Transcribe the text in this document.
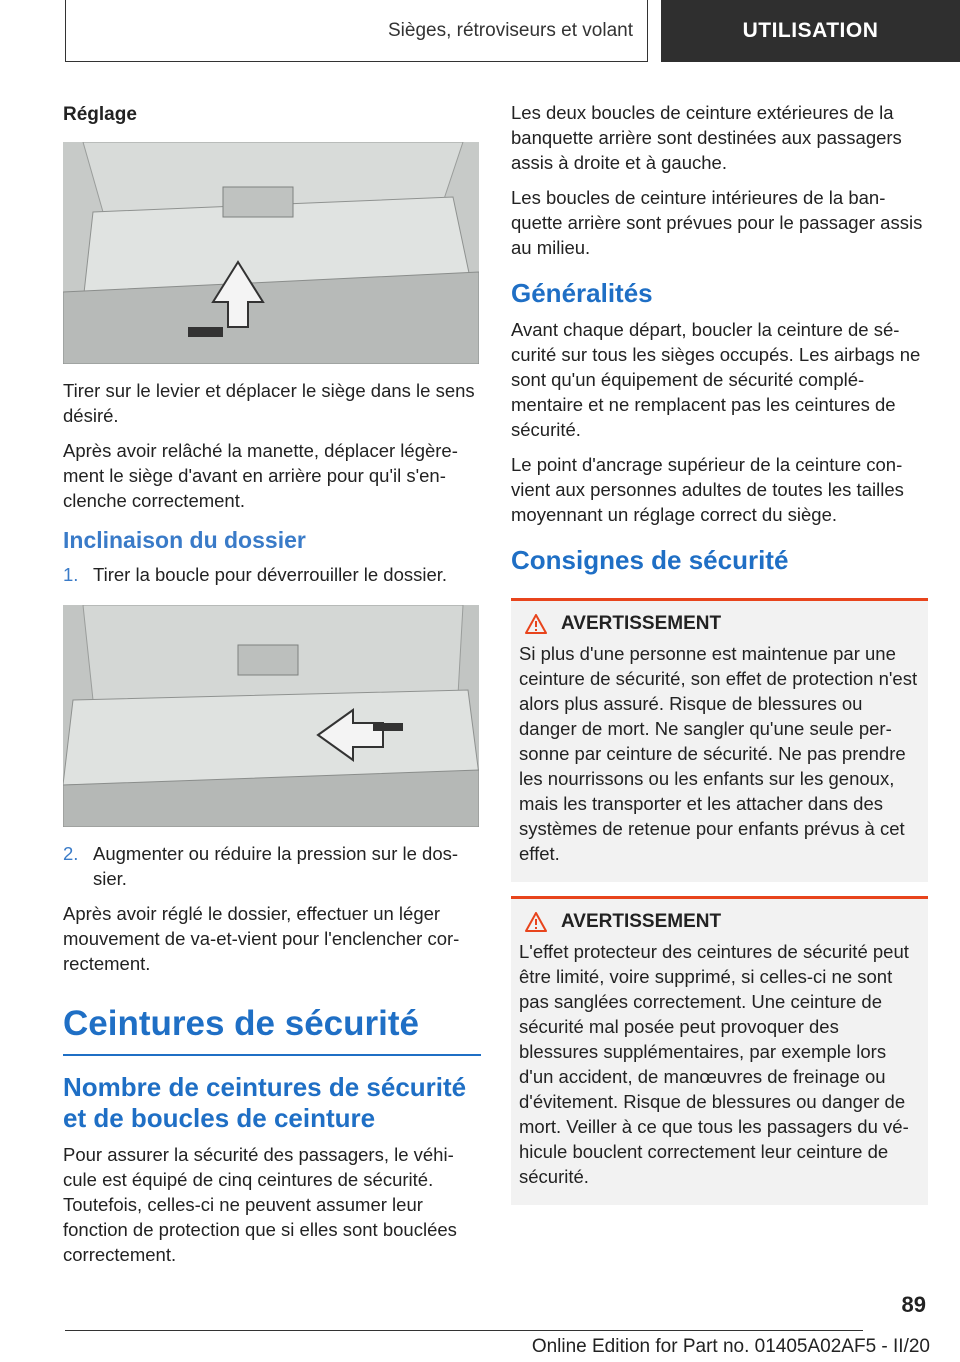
Sièges, rétroviseurs et volant	UTILISATION
Réglage

Tirer sur le levier et déplacer le siège dans le sens désiré.

Après avoir relâché la manette, déplacer légèrement le siège d'avant en arrière pour qu'il s'enclenche correctement.

Inclinaison du dossier
1. Tirer la boucle pour déverrouiller le dossier.
2. Augmenter ou réduire la pression sur le dossier.

Après avoir réglé le dossier, effectuer un léger mouvement de va-et-vient pour l'enclencher correctement.

Ceintures de sécurité
Nombre de ceintures de sécurité et de boucles de ceinture

Pour assurer la sécurité des passagers, le véhicule est équipé de cinq ceintures de sécurité. Toutefois, celles-ci ne peuvent assumer leur fonction de protection que si elles sont bouclées correctement.

Les deux boucles de ceinture extérieures de la banquette arrière sont destinées aux passagers assis à droite et à gauche.

Les boucles de ceinture intérieures de la banquette arrière sont prévues pour le passager assis au milieu.

Généralités

Avant chaque départ, boucler la ceinture de sécurité sur tous les sièges occupés. Les airbags ne sont qu'un équipement de sécurité complémentaire et ne remplacent pas les ceintures de sécurité.

Le point d'ancrage supérieur de la ceinture convient aux personnes adultes de toutes les tailles moyennant un réglage correct du siège.

Consignes de sécurité
AVERTISSEMENT

Si plus d'une personne est maintenue par une ceinture de sécurité, son effet de protection n'est alors plus assuré. Risque de blessures ou danger de mort. Ne sangler qu'une seule personne par ceinture de sécurité. Ne pas prendre les nourrissons ou les enfants sur les genoux, mais les transporter et les attacher dans des systèmes de retenue pour enfants prévus à cet effet.

AVERTISSEMENT

L'effet protecteur des ceintures de sécurité peut être limité, voire supprimé, si celles-ci ne sont pas sanglées correctement. Une ceinture de sécurité mal posée peut provoquer des blessures supplémentaires, par exemple lors d'un accident, de manœuvres de freinage ou d'évitement. Risque de blessures ou danger de mort. Veiller à ce que tous les passagers du véhicule bouclent correctement leur ceinture de sécurité.

89
Online Edition for Part no. 01405A02AF5 - II/20
